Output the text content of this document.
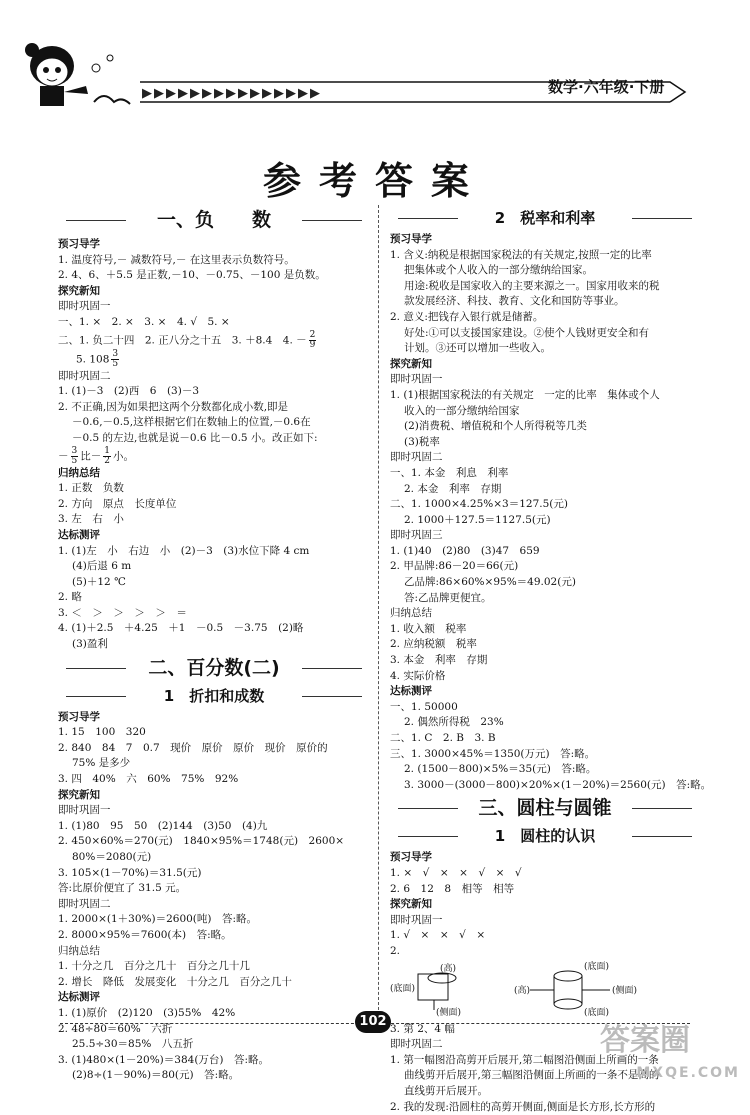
▶▶▶▶▶▶▶▶▶▶▶▶▶▶▶	数学·六年级·下册
参考答案
一、负　　数
预习导学
1. 温度符号,－ 减数符号,－ 在这里表示负数符号。
2. 4、6、＋5.5 是正数,－10、－0.75、－100 是负数。
探究新知
即时巩固一
一、1. ×　2. ×　3. ×　4. √　5. ×
二、1. 负二十四　2. 正八分之十五　3. ＋8.4　4. － $\frac{2}{9}$
5. $108 \frac{3}{5}$
即时巩固二
1. (1)－3　(2)西　6　(3)－3
2. 不正确,因为如果把这两个分数都化成小数,即是
－0.6,－0.5,这样根据它们在数轴上的位置,－0.6在
－0.5 的左边,也就是说－0.6 比－0.5 小。改正如下:
－ $\frac{3}{5}$ 比－ $\frac{1}{2}$ 小。
归纳总结
1. 正数　负数
2. 方向　原点　长度单位
3. 左　右　小
达标测评
1. (1)左　小　右边　小　(2)－3　(3)水位下降 4 cm
(4)后退 6 m
(5)＋12 ℃
2. 略
3. ＜　＞　＞　＞　＞　＝
4. (1)＋2.5　＋4.25　＋1　－0.5　－3.75　(2)略
(3)盈利
二、百分数(二)
1　折扣和成数
预习导学
1. 15　100　320
2. 840　84　7　0.7　现价　原价　原价　现价　原价的
75% 是多少
3. 四　40%　六　60%　75%　92%
探究新知
即时巩固一
1. (1)80　95　50　(2)144　(3)50　(4)九
2. 450×60%＝270(元)　1840×95%＝1748(元)　2600×
80%＝2080(元)
3. 105×(1－70%)＝31.5(元)
答:比原价便宜了 31.5 元。
即时巩固二
1. 2000×(1＋30%)＝2600(吨)　答:略。
2. 8000×95%＝7600(本)　答:略。
归纳总结
1. 十分之几　百分之几十　百分之几十几
2. 增长　降低　发展变化　十分之几　百分之几十
达标测评
1. (1)原价　(2)120　(3)55%　42%
2. 48÷80＝60%　六折
25.5÷30＝85%　八五折
3. (1)480×(1－20%)＝384(万台)　答:略。
(2)8÷(1－90%)＝80(元)　答:略。
2　税率和利率
预习导学
1. 含义:纳税是根据国家税法的有关规定,按照一定的比率
把集体或个人收入的一部分缴纳给国家。
用途:税收是国家收入的主要来源之一。国家用收来的税
款发展经济、科技、教育、文化和国防等事业。
2. 意义:把钱存入银行就是储蓄。
好处:①可以支援国家建设。②使个人钱财更安全和有
计划。③还可以增加一些收入。
探究新知
即时巩固一
1. (1)根据国家税法的有关规定　一定的比率　集体或个人
收入的一部分缴纳给国家
(2)消费税、增值税和个人所得税等几类
(3)税率
即时巩固二
一、1. 本金　利息　利率
2. 本金　利率　存期
二、1. 1000×4.25%×3＝127.5(元)
2. 1000＋127.5＝1127.5(元)
即时巩固三
1. (1)40　(2)80　(3)47　659
2. 甲品牌:86－20＝66(元)
乙品牌:86×60%×95%＝49.02(元)
答:乙品牌更便宜。
归纳总结
1. 收入额　税率
2. 应纳税额　税率
3. 本金　利率　存期
4. 实际价格
达标测评
一、1. 50000
2. 偶然所得税　23%
二、1. C　2. B　3. B
三、1. 3000×45%＝1350(万元)　答:略。
2. (1500－800)×5%＝35(元)　答:略。
3. 3000－(3000－800)×20%×(1－20%)＝2560(元)　答:略。
三、圆柱与圆锥
1　圆柱的认识
预习导学
1. ×　√　×　×　√　×　√
2. 6　12　8　相等　相等
探究新知
即时巩固一
1. √　×　×　√　×
2.
(高)
(底面)
(侧面)
(底面)
(高)	(侧面)
(底面)
3. 第 2、4 幅
即时巩固二
1. 第一幅图沿高剪开后展开,第二幅图沿侧面上所画的一条
曲线剪开后展开,第三幅图沿侧面上所画的一条不是高的
直线剪开后展开。
2. 我的发现:沿圆柱的高剪开侧面,侧面是长方形,长方形的
102
答案圈
MXQE.COM
